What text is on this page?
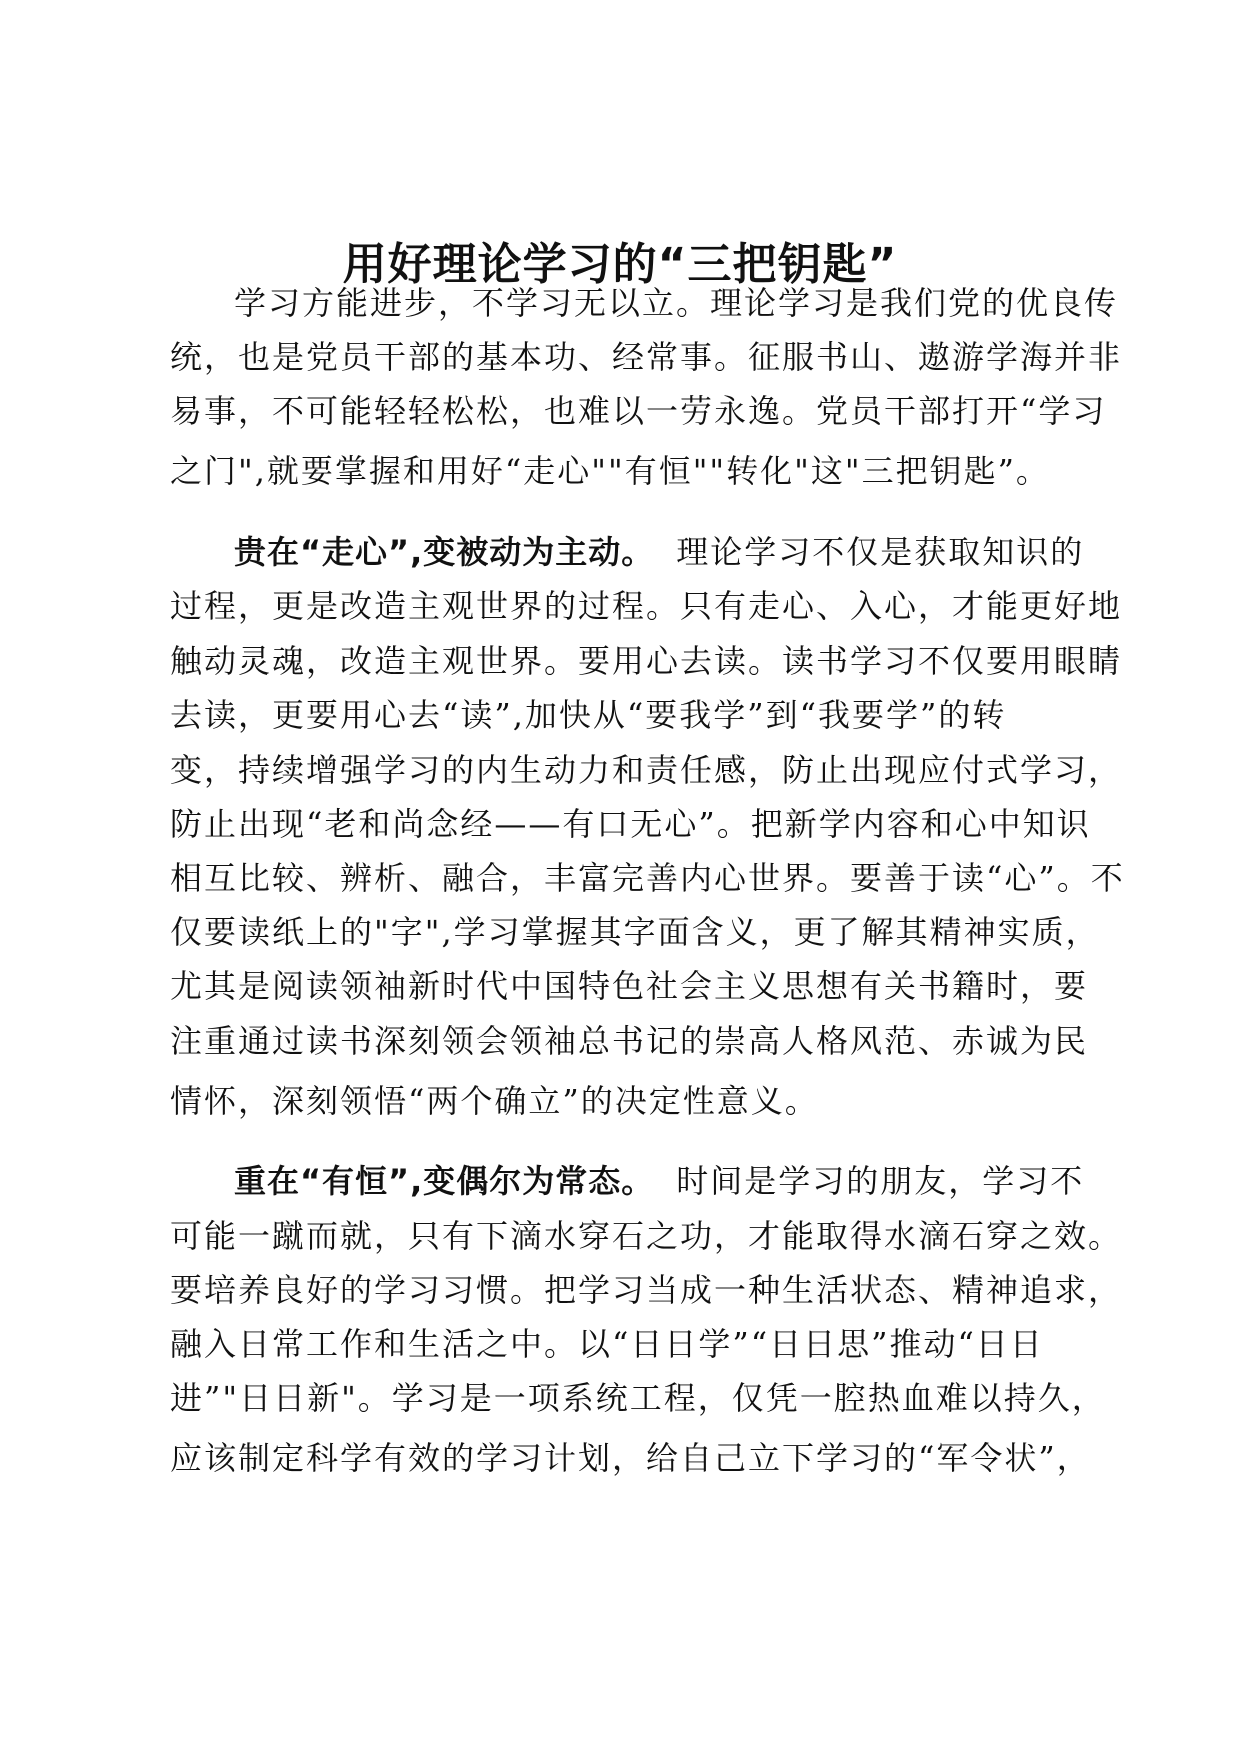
用好理论学习的“三把钥匙”
学习方能进步，不学习无以立。理论学习是我们党的优良传
统，也是党员干部的基本功、经常事。征服书山、遨游学海并非
易事，不可能轻轻松松，也难以一劳永逸。党员干部打开“学习
之门",就要掌握和用好“走心""有恒""转化"这"三把钥匙”。
贵在“走心”,变被动为主动。 理论学习不仅是获取知识的
过程，更是改造主观世界的过程。只有走心、入心，才能更好地
触动灵魂，改造主观世界。要用心去读。读书学习不仅要用眼睛
去读，更要用心去“读”,加快从“要我学”到“我要学”的转
变，持续增强学习的内生动力和责任感，防止出现应付式学习，
防止出现“老和尚念经——有口无心”。把新学内容和心中知识
相互比较、辨析、融合，丰富完善内心世界。要善于读“心”。不
仅要读纸上的"字",学习掌握其字面含义，更了解其精神实质，
尤其是阅读领袖新时代中国特色社会主义思想有关书籍时，要
注重通过读书深刻领会领袖总书记的崇高人格风范、赤诚为民
情怀，深刻领悟“两个确立”的决定性意义。
重在“有恒”,变偶尔为常态。 时间是学习的朋友，学习不
可能一蹴而就，只有下滴水穿石之功，才能取得水滴石穿之效。
要培养良好的学习习惯。把学习当成一种生活状态、精神追求，
融入日常工作和生活之中。以“日日学”“日日思”推动“日日
进”"日日新"。学习是一项系统工程，仅凭一腔热血难以持久，
应该制定科学有效的学习计划，给自己立下学习的“军令状”，
